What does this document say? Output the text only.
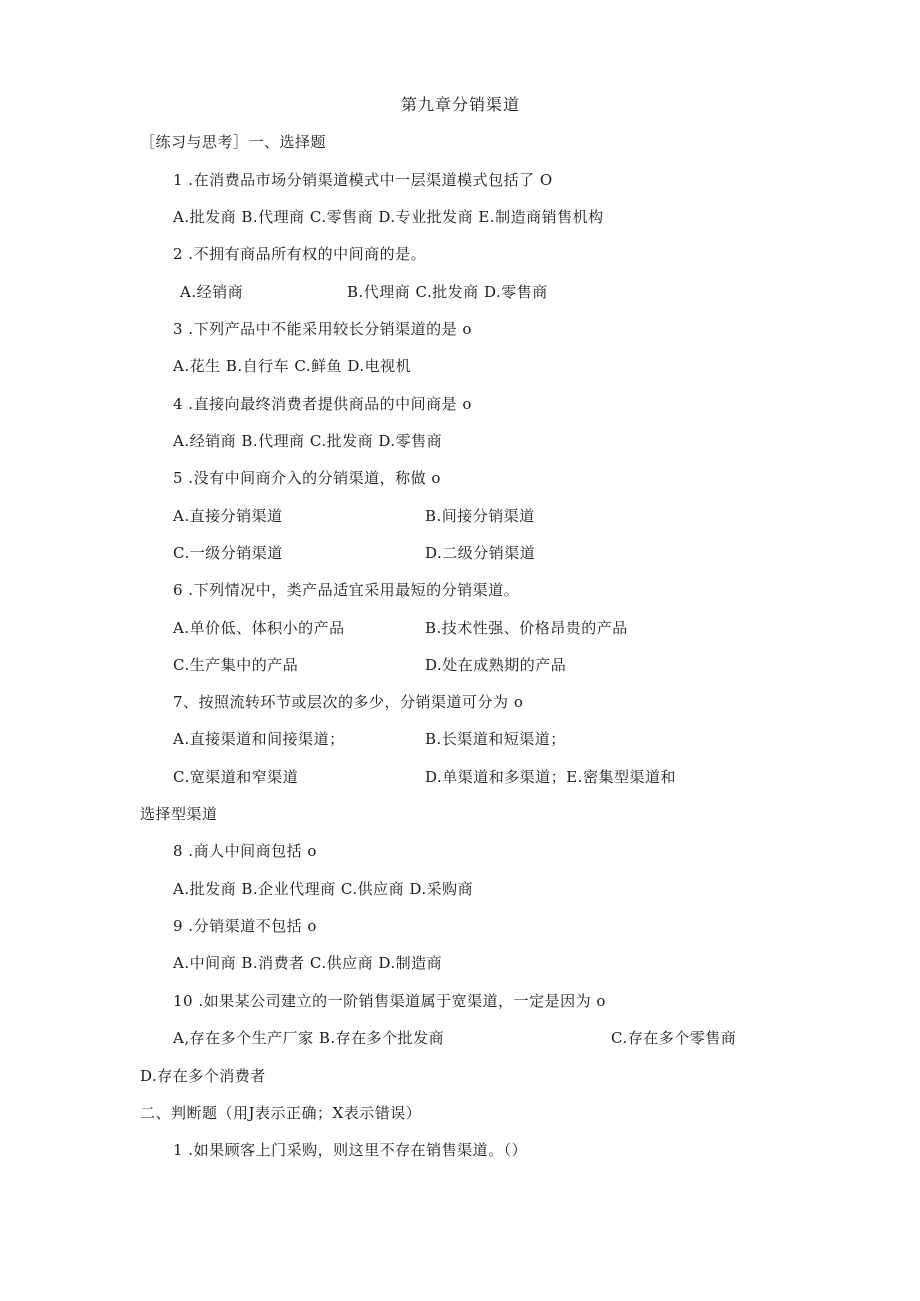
第九章分销渠道
［练习与思考］一、选择题
1 .在消费品市场分销渠道模式中一层渠道模式包括了 O
A.批发商 B.代理商 C.零售商 D.专业批发商 E.制造商销售机构
2 .不拥有商品所有权的中间商的是。
A.经销商	B.代理商 C.批发商 D.零售商
3 .下列产品中不能采用较长分销渠道的是 o
A.花生 B.自行车 C.鲜鱼 D.电视机
4 .直接向最终消费者提供商品的中间商是 o
A.经销商 B.代理商 C.批发商 D.零售商
5 .没有中间商介入的分销渠道，称做 o
A.直接分销渠道	B.间接分销渠道
C.一级分销渠道	D.二级分销渠道
6 .下列情况中，类产品适宜采用最短的分销渠道。
A.单价低、体积小的产品	B.技术性强、价格昂贵的产品
C.生产集中的产品	D.处在成熟期的产品
7、按照流转环节或层次的多少，分销渠道可分为 o
A.直接渠道和间接渠道；	B.长渠道和短渠道；
C.宽渠道和窄渠道	D.单渠道和多渠道；E.密集型渠道和
选择型渠道
8 .商人中间商包括 o
A.批发商 B.企业代理商 C.供应商 D.采购商
9 .分销渠道不包括 o
A.中间商 B.消费者 C.供应商 D.制造商
10 .如果某公司建立的一阶销售渠道属于宽渠道，一定是因为 o
A,存在多个生产厂家 B.存在多个批发商	C.存在多个零售商
D.存在多个消费者
二、判断题（用J表示正确；X表示错误）
1 .如果顾客上门采购，则这里不存在销售渠道。（）
